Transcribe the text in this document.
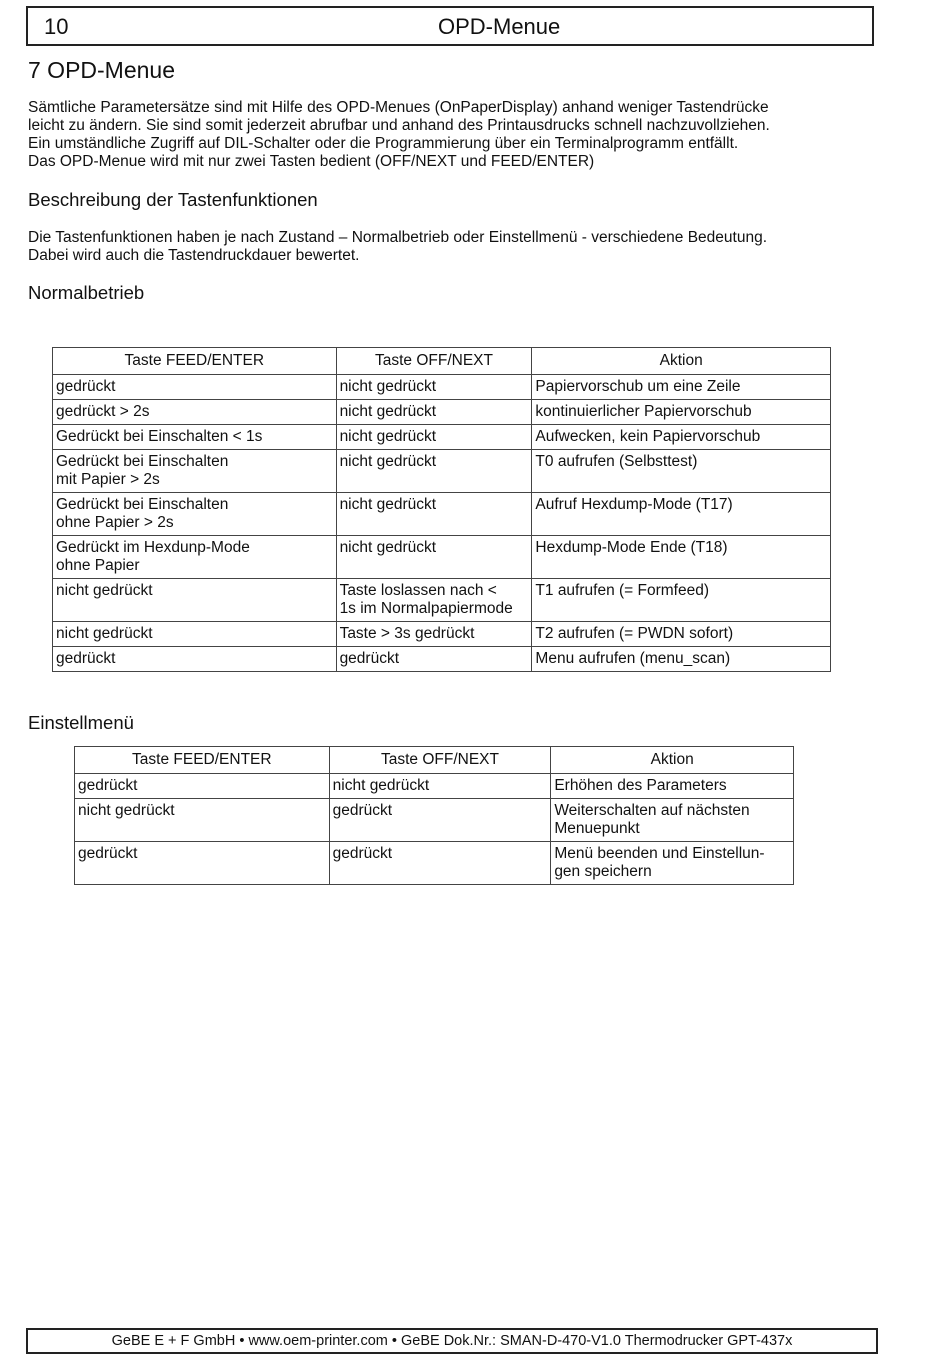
10	OPD-Menue
7 OPD-Menue
Sämtliche Parametersätze sind mit Hilfe des OPD-Menues (OnPaperDisplay) anhand weniger Tastendrücke
leicht zu ändern. Sie sind somit jederzeit abrufbar und anhand des Printausdrucks schnell nachzuvollziehen.
Ein umständliche Zugriff auf DIL-Schalter oder die Programmierung über ein Terminalprogramm entfällt.
Das OPD-Menue wird mit nur zwei Tasten bedient (OFF/NEXT und FEED/ENTER)
Beschreibung der Tastenfunktionen
Die Tastenfunktionen haben je nach Zustand – Normalbetrieb oder Einstellmenü - verschiedene Bedeutung.
Dabei wird auch die Tastendruckdauer bewertet.
Normalbetrieb
Taste FEED/ENTER	Taste OFF/NEXT	Aktion

gedrückt	nicht gedrückt	Papiervorschub um eine Zeile

gedrückt > 2s	nicht gedrückt	kontinuierlicher Papiervorschub

Gedrückt bei Einschalten < 1s	nicht gedrückt	Aufwecken, kein Papiervorschub

Gedrückt bei Einschalten
mit Papier > 2s	nicht gedrückt	T0 aufrufen (Selbsttest)

Gedrückt bei Einschalten
ohne Papier > 2s	nicht gedrückt	Aufruf Hexdump-Mode (T17)

Gedrückt im Hexdunp-Mode
ohne Papier	nicht gedrückt	Hexdump-Mode Ende (T18)

nicht gedrückt	Taste loslassen nach <
1s im Normalpapiermode	T1 aufrufen (= Formfeed)

nicht gedrückt	Taste > 3s gedrückt	T2 aufrufen (= PWDN sofort)

gedrückt	gedrückt	Menu aufrufen (menu_scan)
Einstellmenü
Taste FEED/ENTER	Taste OFF/NEXT	Aktion

gedrückt	nicht gedrückt	Erhöhen des Parameters

nicht gedrückt	gedrückt	Weiterschalten auf nächsten
Menuepunkt

gedrückt	gedrückt	Menü beenden und Einstellun-
gen speichern
GeBE E + F GmbH • www.oem-printer.com • GeBE Dok.Nr.: SMAN-D-470-V1.0 Thermodrucker GPT-437x
